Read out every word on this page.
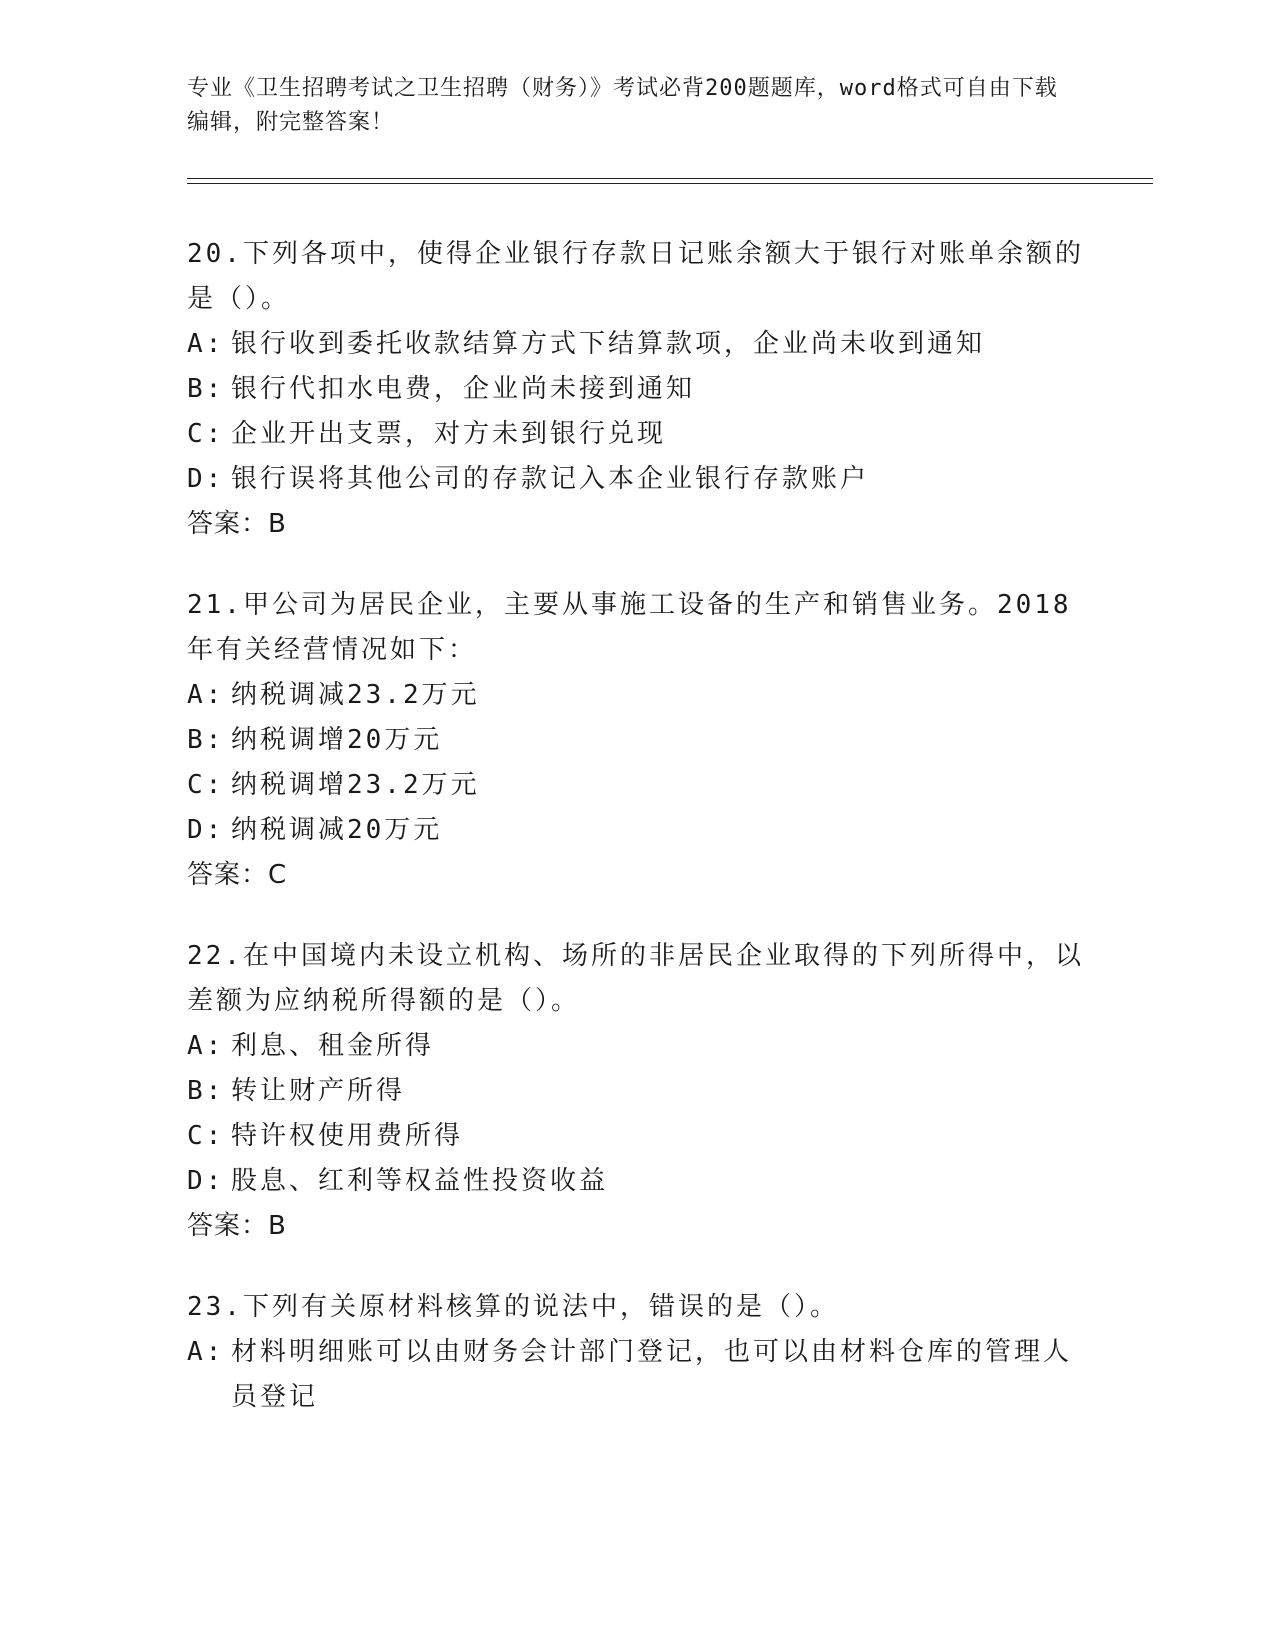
专业《卫生招聘考试之卫生招聘（财务）》考试必背200题题库，word格式可自由下载编辑，附完整答案！

20.下列各项中，使得企业银行存款日记账余额大于银行对账单余额的是（）。

A: 银行收到委托收款结算方式下结算款项，企业尚未收到通知
B: 银行代扣水电费，企业尚未接到通知
C: 企业开出支票，对方未到银行兑现
D: 银行误将其他公司的存款记入本企业银行存款账户

答案：B

21.甲公司为居民企业，主要从事施工设备的生产和销售业务。2018年有关经营情况如下：

A: 纳税调减23.2万元
B: 纳税调增20万元
C: 纳税调增23.2万元
D: 纳税调减20万元

答案：C

22.在中国境内未设立机构、场所的非居民企业取得的下列所得中，以差额为应纳税所得额的是（）。

A: 利息、租金所得
B: 转让财产所得
C: 特许权使用费所得
D: 股息、红利等权益性投资收益

答案：B

23.下列有关原材料核算的说法中，错误的是（）。

A: 材料明细账可以由财务会计部门登记，也可以由材料仓库的管理人员登记
